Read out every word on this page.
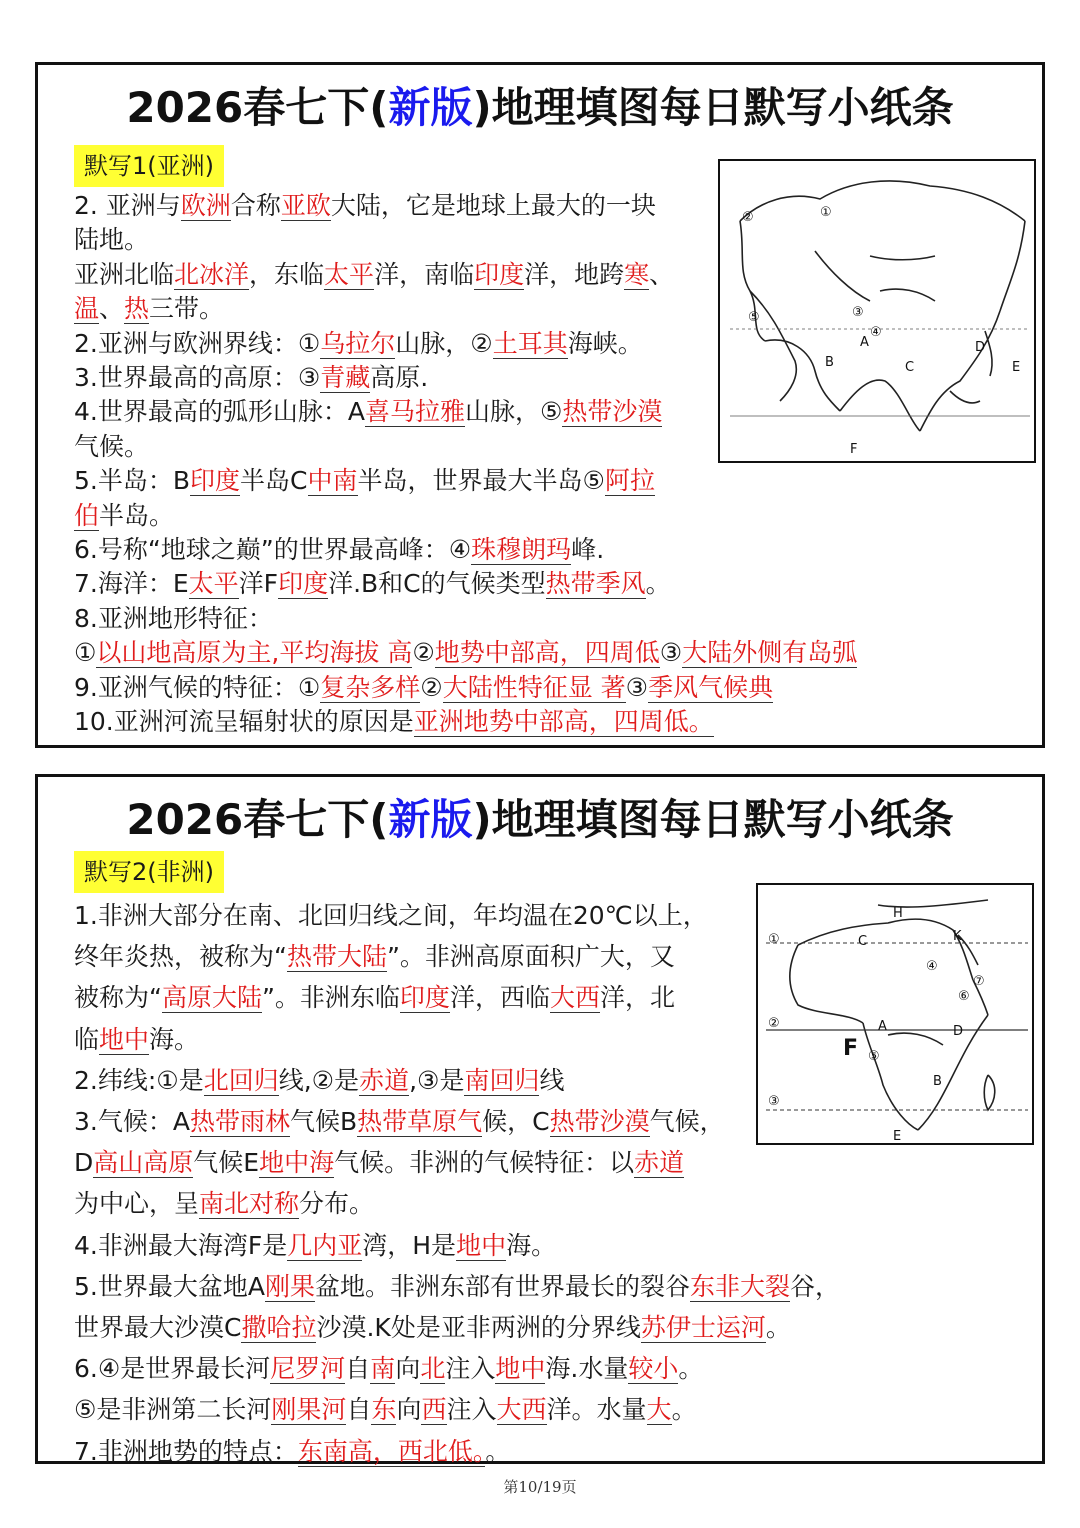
2026春七下(新版)地理填图每日默写小纸条
默写1(亚洲)
2. 亚洲与欧洲合称亚欧大陆，它是地球上最大的一块
陆地。
亚洲北临北冰洋，东临太平洋，南临印度洋，地跨寒、
温、热三带。
2.亚洲与欧洲界线：①乌拉尔山脉，②土耳其海峡。
3.世界最高的高原：③青藏高原.
4.世界最高的弧形山脉：A喜马拉雅山脉，⑤热带沙漠
气候。
5.半岛：B印度半岛C中南半岛，世界最大半岛⑤阿拉
伯半岛。
6.号称“地球之巅”的世界最高峰：④珠穆朗玛峰.
7.海洋：E太平洋F印度洋.B和C的气候类型热带季风。
8.亚洲地形特征：
①以山地高原为主,平均海拔 高②地势中部高，四周低③大陆外侧有岛弧
9.亚洲气候的特征：①复杂多样②大陆性特征显 著③季风气候典
10.亚洲河流呈辐射状的原因是亚洲地势中部高，四周低。
①
②
③
④
⑤
A
B	C
D
E
F
2026春七下(新版)地理填图每日默写小纸条
默写2(非洲)
1.非洲大部分在南、北回归线之间，年均温在20℃以上，
终年炎热，被称为“热带大陆”。非洲高原面积广大，又
被称为“高原大陆”。非洲东临印度洋，西临大西洋，北
临地中海。
2.纬线:①是北回归线,②是赤道,③是南回归线
3.气候：A热带雨林气候B热带草原气候，C热带沙漠气候，
D高山高原气候E地中海气候。非洲的气候特征：以赤道
为中心，呈南北对称分布。
4.非洲最大海湾F是几内亚湾，H是地中海。
5.世界最大盆地A刚果盆地。非洲东部有世界最长的裂谷东非大裂谷，
世界最大沙漠C撒哈拉沙漠.K处是亚非两洲的分界线苏伊士运河。
6.④是世界最长河尼罗河自南向北注入地中海.水量较小。
⑤是非洲第二长河刚果河自东向西注入大西洋。水量大。
7.非洲地势的特点：东南高，西北低。。
①
②
③
④
⑤
⑥
⑦
A
B
C
D
E
F
H
K
第10/19页
